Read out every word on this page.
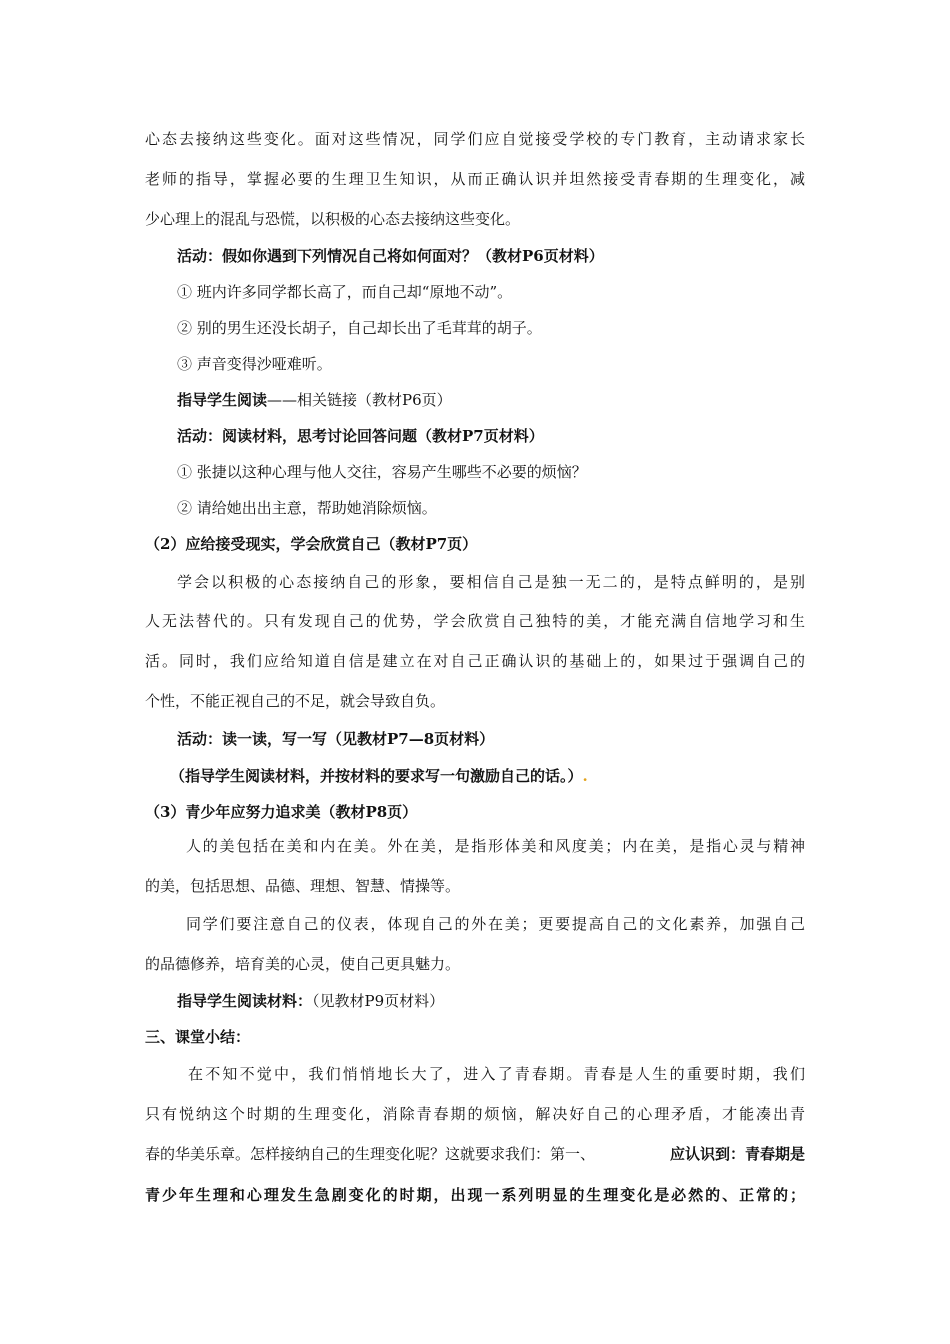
心态去接纳这些变化。面对这些情况，同学们应自觉接受学校的专门教育，主动请求家长
老师的指导，掌握必要的生理卫生知识，从而正确认识并坦然接受青春期的生理变化，减
少心理上的混乱与恐慌，以积极的心态去接纳这些变化。
活动：假如你遇到下列情况自己将如何面对？（教材P6页材料）
① 班内许多同学都长高了，而自己却“原地不动”。
② 别的男生还没长胡子，自己却长出了毛茸茸的胡子。
③ 声音变得沙哑难听。
指导学生阅读——相关链接（教材P6页）
活动：阅读材料，思考讨论回答问题（教材P7页材料）
① 张捷以这种心理与他人交往，容易产生哪些不必要的烦恼？
② 请给她出出主意，帮助她消除烦恼。
（2）应给接受现实，学会欣赏自己（教材P7页）
学会以积极的心态接纳自己的形象，要相信自己是独一无二的，是特点鲜明的，是别
人无法替代的。只有发现自己的优势，学会欣赏自己独特的美，才能充满自信地学习和生
活。同时，我们应给知道自信是建立在对自己正确认识的基础上的，如果过于强调自己的
个性，不能正视自己的不足，就会导致自负。
活动：读一读，写一写（见教材P7—8页材料）
（指导学生阅读材料，并按材料的要求写一句激励自己的话。）.
（3）青少年应努力追求美（教材P8页）
人的美包括在美和内在美。外在美，是指形体美和风度美；内在美，是指心灵与精神
的美，包括思想、品德、理想、智慧、情操等。
同学们要注意自己的仪表，体现自己的外在美；更要提高自己的文化素养，加强自己
的品德修养，培育美的心灵，使自己更具魅力。
指导学生阅读材料：（见教材P9页材料）
三、课堂小结：
在不知不觉中，我们悄悄地长大了，进入了青春期。青春是人生的重要时期，我们
只有悦纳这个时期的生理变化，消除青春期的烦恼，解决好自己的心理矛盾，才能凑出青
春的华美乐章。怎样接纳自己的生理变化呢？这就要求我们：第一、	应认识到：青春期是
青少年生理和心理发生急剧变化的时期，出现一系列明显的生理变化是必然的、正常的；
